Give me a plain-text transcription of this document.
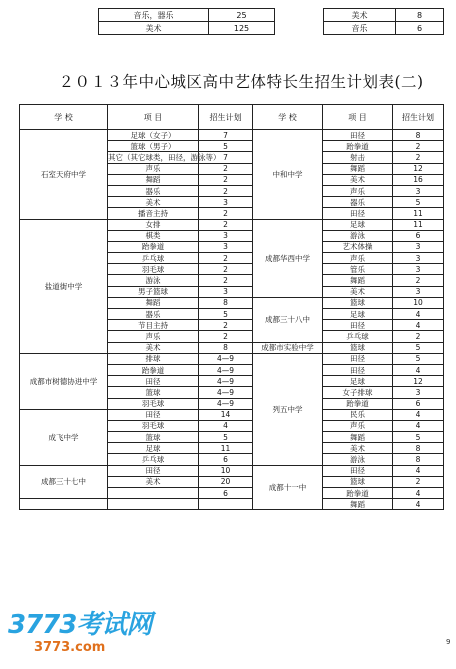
音乐，器乐	25
美术	125
美术	8
音乐	6
２０１３年中心城区高中艺体特长生招生计划表(二)
学 校	项 目	招生计划	学 校	项 目	招生计划
石室天府中学	足球（女子）	7	中和中学	田径	8
	篮球（男子）	5		跆拳道	2
	其它（其它球类，田径，游泳等）	7		射击	2
	声乐	2		舞蹈	12
	舞蹈	2		美术	16
	器乐	2		声乐	3
	美术	3		器乐	5
	播音主持	2		田径	11
盐道街中学	女排	2	成都华西中学	足球	11
	棋类	3		游泳	6
	跆拳道	3		艺术体操	3
	乒乓球	2		声乐	3
	羽毛球	2		管乐	3
	游泳	2		舞蹈	2
	男子篮球	3		美术	3
	舞蹈	8	成都三十八中	篮球	10
	器乐	5		足球	4
	节目主持	2		田径	4
	声乐	2		乒乓球	2
	美术	8	成都市实验中学	篮球	5
成都市树德协进中学	排球	4—9	列五中学	田径	5
	跆拳道	4—9		田径	4
	田径	4—9		足球	12
	篮球	4—9		女子排球	3
	羽毛球	4—9		跆拳道	6
成飞中学	田径	14		民乐	4
	羽毛球	4		声乐	4
	篮球	5		舞蹈	5
	足球	11		美术	8
	乒乓球	6		游泳	8
成都三十七中	田径	10	成都十一中	田径	4
	美术	20		篮球	2
		6		跆拳道	4
				舞蹈	4
3773考试网
3773.com	9
